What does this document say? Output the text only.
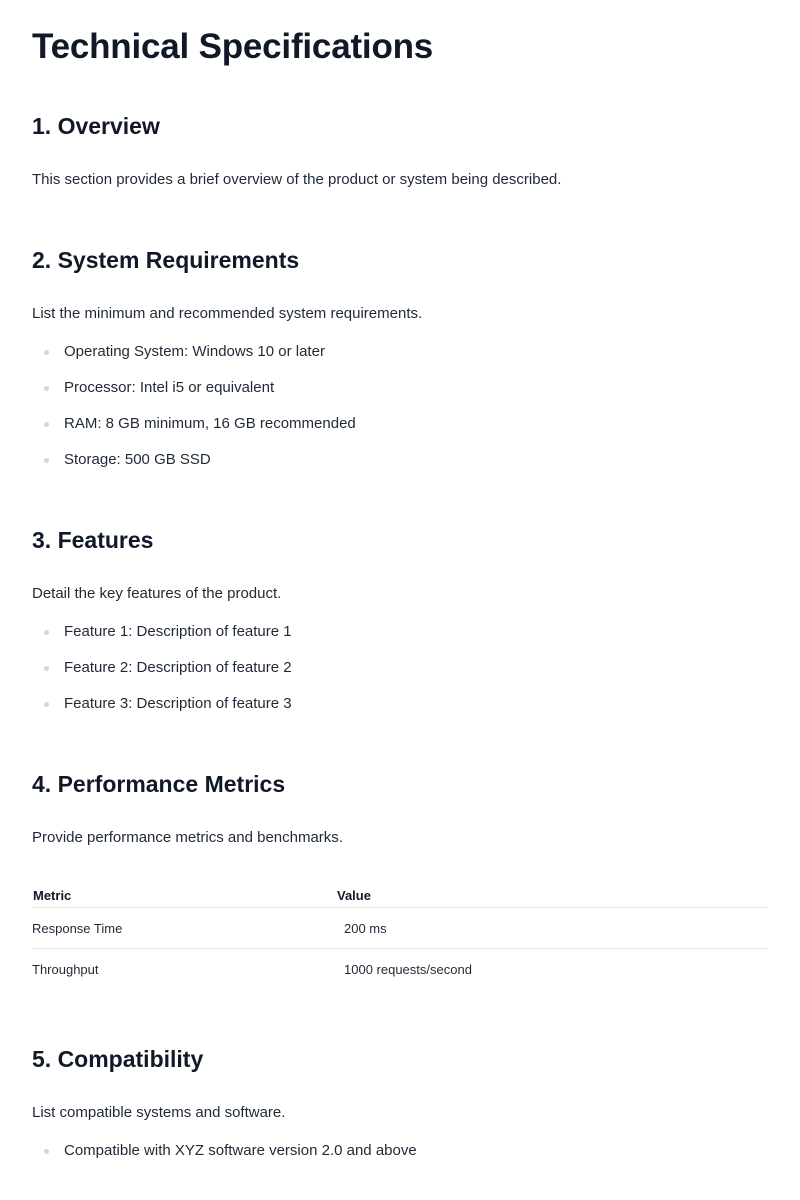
Technical Specifications
1. Overview

This section provides a brief overview of the product or system being described.

2. System Requirements

List the minimum and recommended system requirements.

Operating System: Windows 10 or later
Processor: Intel i5 or equivalent
RAM: 8 GB minimum, 16 GB recommended
Storage: 500 GB SSD
3. Features

Detail the key features of the product.

Feature 1: Description of feature 1
Feature 2: Description of feature 2
Feature 3: Description of feature 3
4. Performance Metrics

Provide performance metrics and benchmarks.

Metric	Value
Response Time	200 ms
Throughput	1000 requests/second
5. Compatibility

List compatible systems and software.

Compatible with XYZ software version 2.0 and above
